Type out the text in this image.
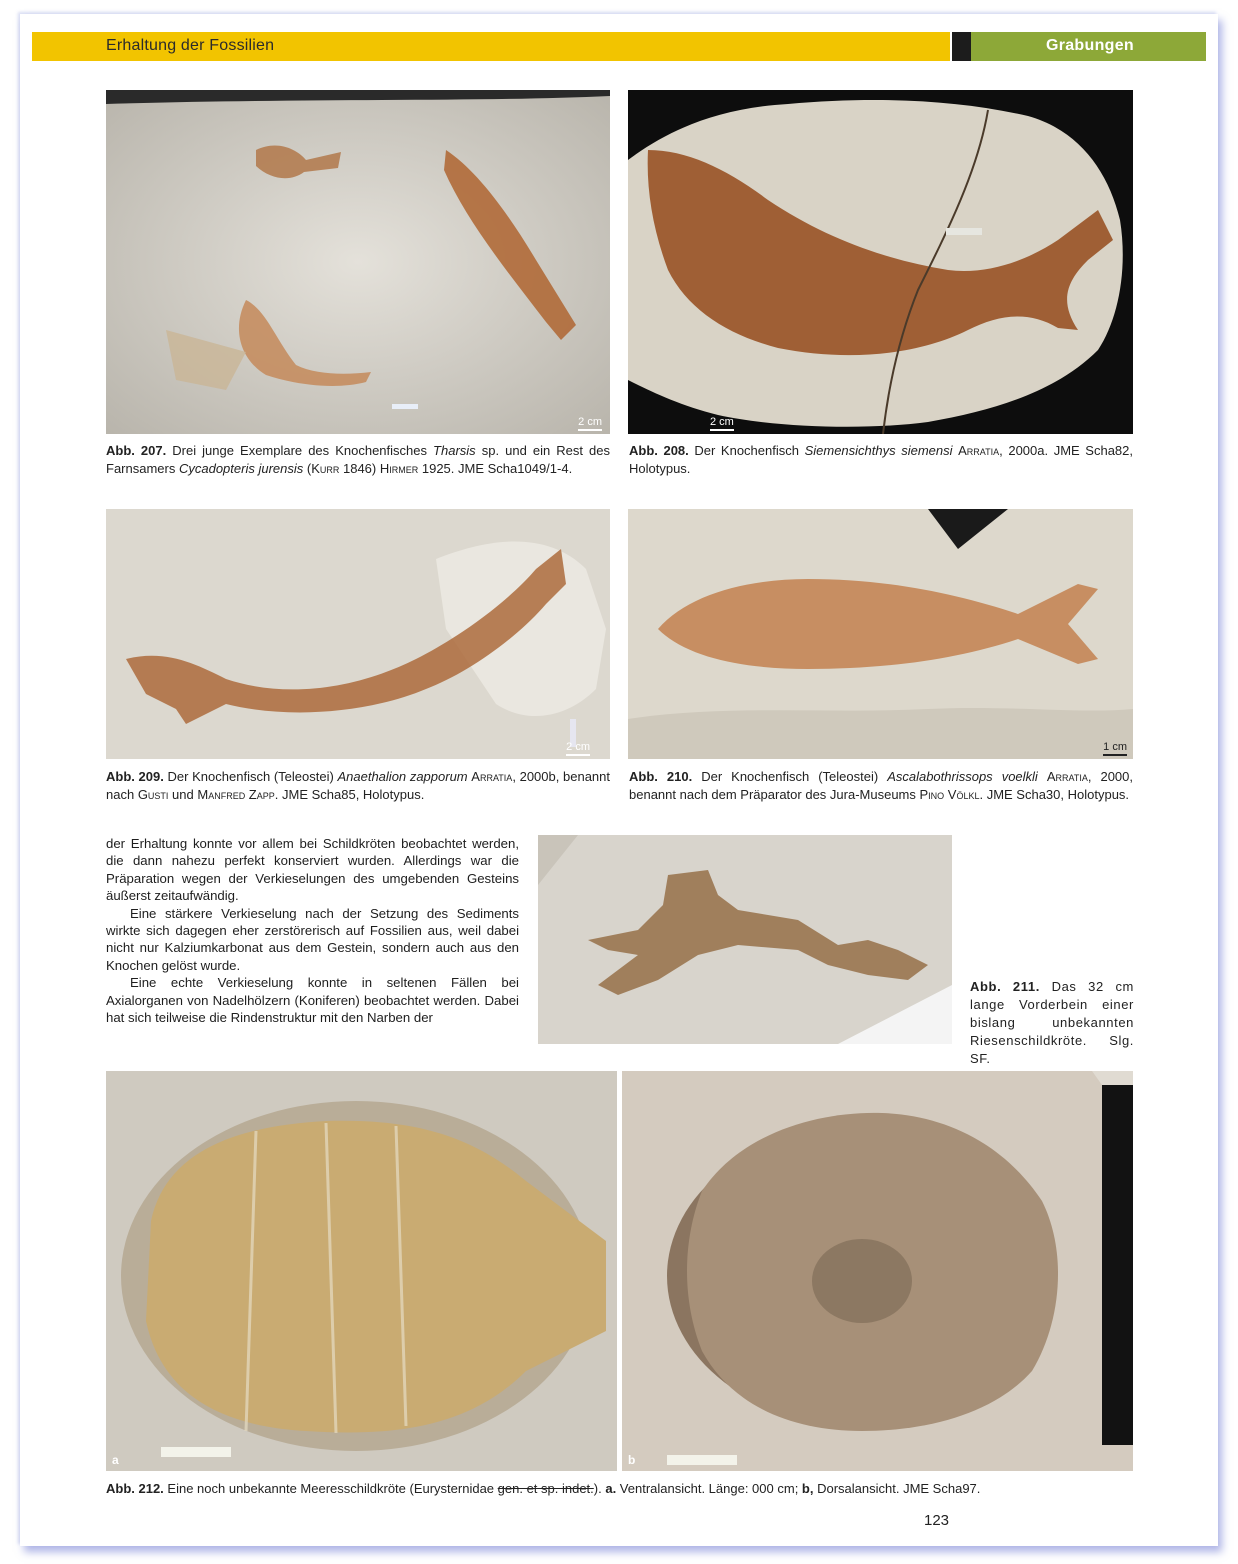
Erhaltung der Fossilien	Grabungen
2 cm	2 cm
Abb. 207. Drei junge Exemplare des Knochenfisches Tharsis sp. und ein Rest des Farnsamers Cycadopteris jurensis (Kurr 1846) Hirmer 1925. JME Scha1049/1-4.
Abb. 208. Der Knochenfisch Siemensichthys siemensi Arratia, 2000a. JME Scha82, Holotypus.
2 cm	1 cm
Abb. 209. Der Knochenfisch (Teleostei) Anaethalion zapporum Arratia, 2000b, benannt nach Gusti und Manfred Zapp. JME Scha85, Holotypus.
Abb. 210. Der Knochenfisch (Teleostei) Ascalabothrissops voelkli Arratia, 2000, benannt nach dem Präparator des Jura-Museums Pino Völkl. JME Scha30, Holotypus.

der Erhaltung konnte vor allem bei Schildkröten beobachtet werden, die dann nahezu perfekt konserviert wurden. Allerdings war die Präparation wegen der Verkieselungen des umgebenden Gesteins äußerst zeitaufwändig.

Eine stärkere Verkieselung nach der Setzung des Sediments wirkte sich dagegen eher zerstörerisch auf Fossilien aus, weil dabei nicht nur Kalziumkarbonat aus dem Gestein, sondern auch aus den Knochen gelöst wurde.

Eine echte Verkieselung konnte in seltenen Fällen bei Axialorganen von Nadelhölzern (Koniferen) beobachtet werden. Dabei hat sich teilweise die Rindenstruktur mit den Narben der

Abb. 211. Das 32 cm lange Vorderbein einer bislang unbekannten Riesenschildkröte. Slg. SF.
a	b
Abb. 212. Eine noch unbekannte Meeresschildkröte (Eurysternidae gen. et sp. indet.). a. Ventralansicht. Länge: 000 cm; b, Dorsalansicht. JME Scha97.
123
